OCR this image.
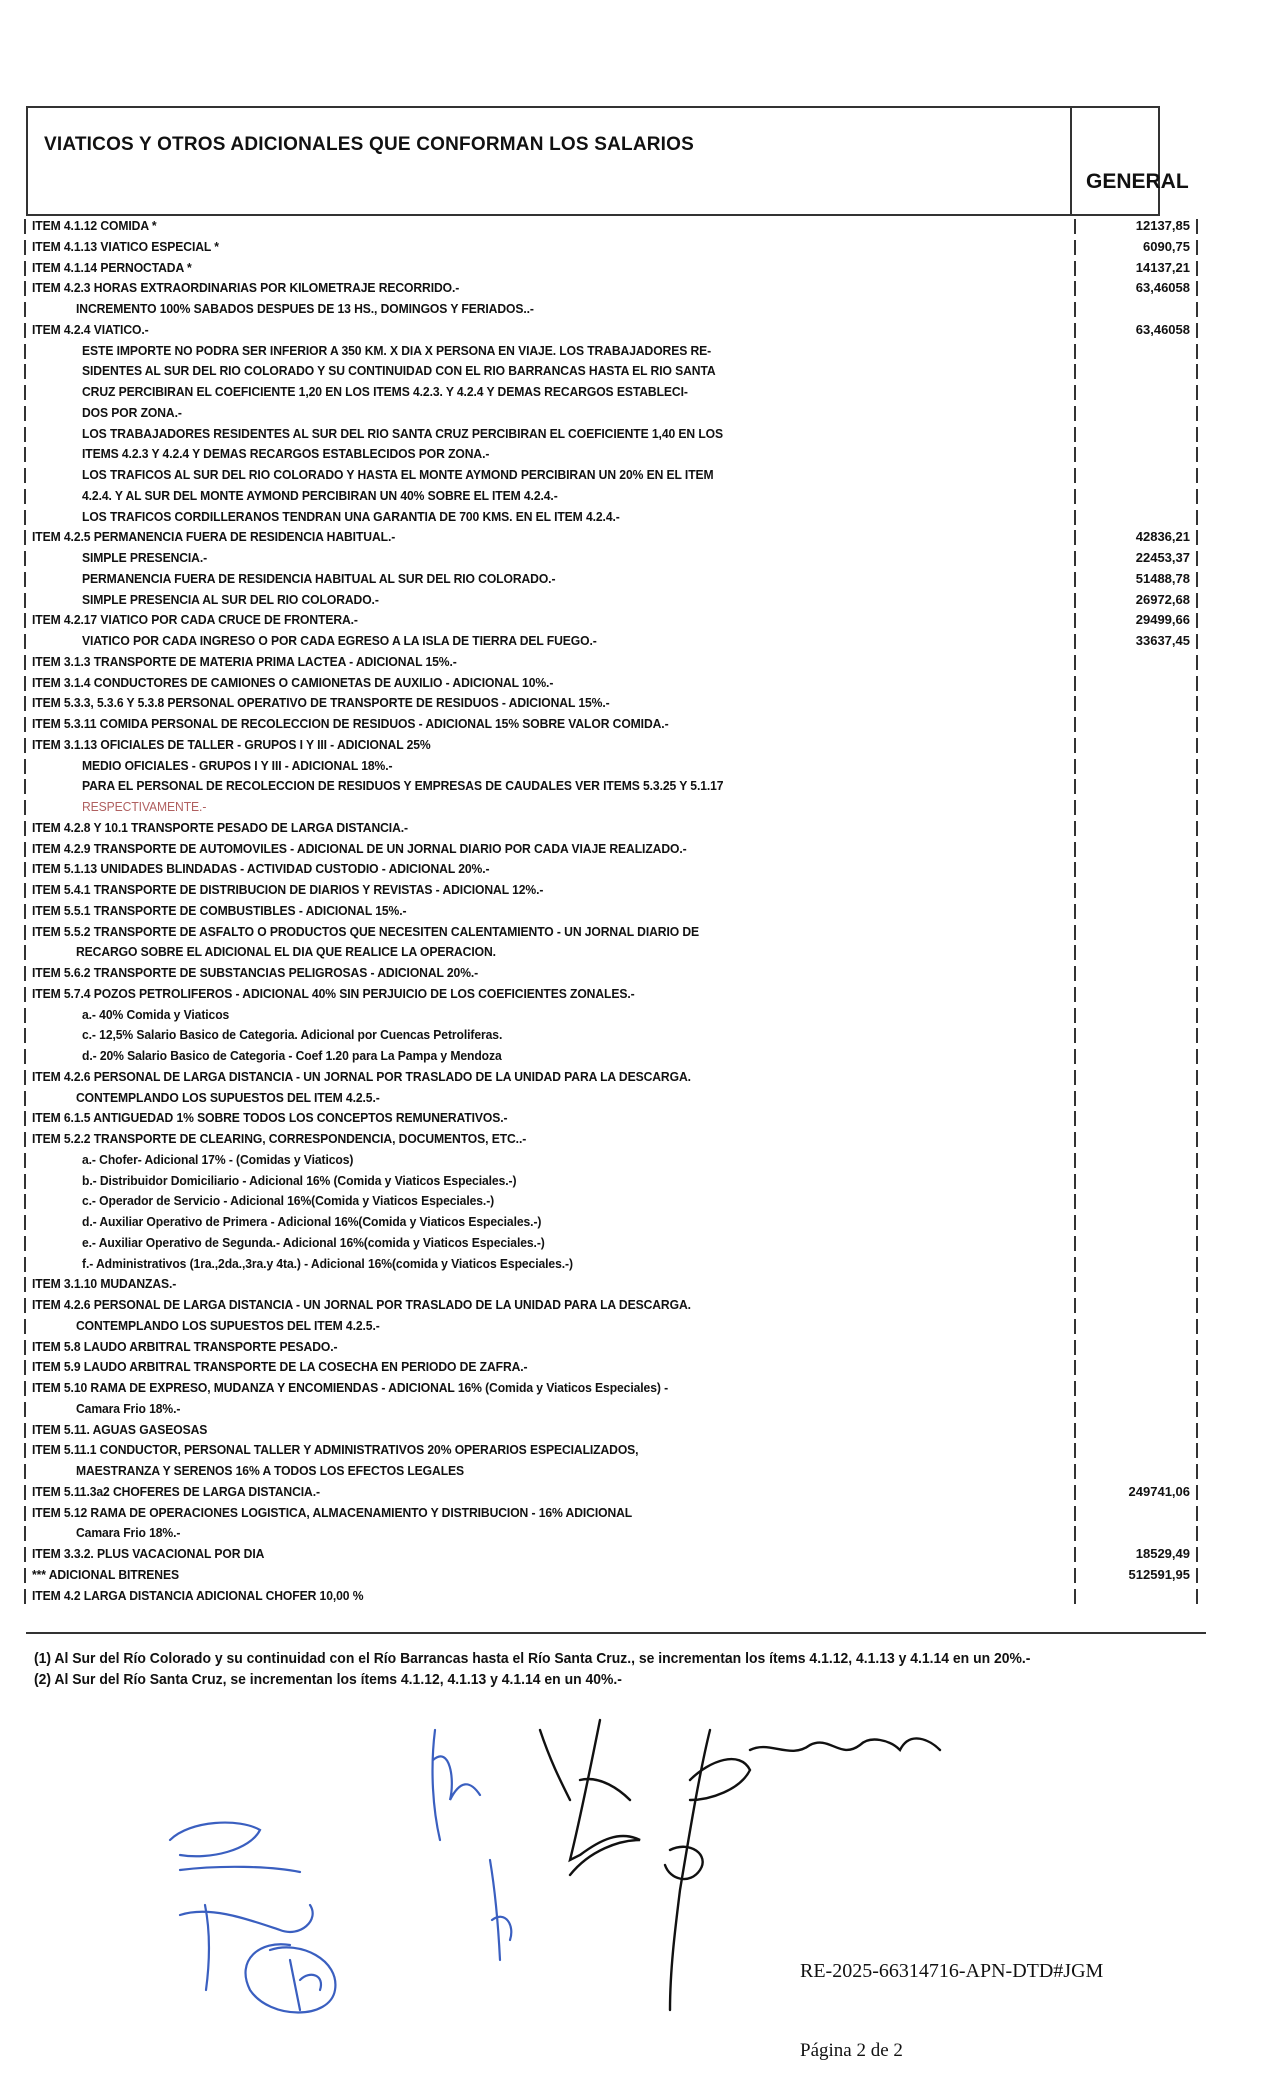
VIATICOS Y OTROS ADICIONALES QUE CONFORMAN LOS SALARIOS
GENERAL
ITEM 4.1.12 COMIDA *	12137,85
ITEM 4.1.13 VIATICO ESPECIAL *	6090,75
ITEM 4.1.14 PERNOCTADA *	14137,21
ITEM 4.2.3 HORAS EXTRAORDINARIAS POR KILOMETRAJE RECORRIDO.-	63,46058
INCREMENTO 100% SABADOS DESPUES DE 13 HS., DOMINGOS Y FERIADOS..-
ITEM 4.2.4 VIATICO.-	63,46058
ESTE IMPORTE NO PODRA SER INFERIOR A 350 KM. X DIA X PERSONA EN VIAJE. LOS TRABAJADORES RE-
SIDENTES AL SUR DEL RIO COLORADO Y SU CONTINUIDAD CON EL RIO BARRANCAS HASTA EL RIO SANTA
CRUZ PERCIBIRAN EL COEFICIENTE 1,20 EN LOS ITEMS 4.2.3. Y 4.2.4 Y DEMAS RECARGOS ESTABLECI-
DOS POR ZONA.-
LOS TRABAJADORES RESIDENTES AL SUR DEL RIO SANTA CRUZ PERCIBIRAN EL COEFICIENTE 1,40 EN LOS
ITEMS 4.2.3 Y 4.2.4 Y DEMAS RECARGOS ESTABLECIDOS POR ZONA.-
LOS TRAFICOS AL SUR DEL RIO COLORADO Y HASTA EL MONTE AYMOND PERCIBIRAN UN 20% EN EL ITEM
4.2.4. Y AL SUR DEL MONTE AYMOND PERCIBIRAN UN 40% SOBRE EL ITEM 4.2.4.-
LOS TRAFICOS CORDILLERANOS TENDRAN UNA GARANTIA DE 700 KMS. EN EL ITEM 4.2.4.-
ITEM 4.2.5 PERMANENCIA FUERA DE RESIDENCIA HABITUAL.-	42836,21
SIMPLE PRESENCIA.-	22453,37
PERMANENCIA FUERA DE RESIDENCIA HABITUAL AL SUR DEL RIO COLORADO.-	51488,78
SIMPLE PRESENCIA AL SUR DEL RIO COLORADO.-	26972,68
ITEM 4.2.17 VIATICO POR CADA CRUCE DE FRONTERA.-	29499,66
VIATICO POR CADA INGRESO O POR CADA EGRESO A LA ISLA DE TIERRA DEL FUEGO.-	33637,45
ITEM 3.1.3 TRANSPORTE DE MATERIA PRIMA LACTEA - ADICIONAL 15%.-
ITEM 3.1.4 CONDUCTORES DE CAMIONES O CAMIONETAS DE AUXILIO - ADICIONAL 10%.-
ITEM 5.3.3, 5.3.6 Y 5.3.8 PERSONAL OPERATIVO DE TRANSPORTE DE RESIDUOS - ADICIONAL 15%.-
ITEM 5.3.11 COMIDA PERSONAL DE RECOLECCION DE RESIDUOS - ADICIONAL 15% SOBRE VALOR COMIDA.-
ITEM 3.1.13 OFICIALES DE TALLER - GRUPOS I Y III - ADICIONAL 25%
MEDIO OFICIALES - GRUPOS I Y III - ADICIONAL 18%.-
PARA EL PERSONAL DE RECOLECCION DE RESIDUOS Y EMPRESAS DE CAUDALES VER ITEMS 5.3.25 Y 5.1.17
RESPECTIVAMENTE.-
ITEM 4.2.8 Y 10.1 TRANSPORTE PESADO DE LARGA DISTANCIA.-
ITEM 4.2.9 TRANSPORTE DE AUTOMOVILES - ADICIONAL DE UN JORNAL DIARIO POR CADA VIAJE REALIZADO.-
ITEM 5.1.13 UNIDADES BLINDADAS - ACTIVIDAD CUSTODIO - ADICIONAL 20%.-
ITEM 5.4.1 TRANSPORTE DE DISTRIBUCION DE DIARIOS Y REVISTAS - ADICIONAL 12%.-
ITEM 5.5.1 TRANSPORTE DE COMBUSTIBLES - ADICIONAL 15%.-
ITEM 5.5.2 TRANSPORTE DE ASFALTO O PRODUCTOS QUE NECESITEN CALENTAMIENTO - UN JORNAL DIARIO DE
RECARGO SOBRE EL ADICIONAL EL DIA QUE REALICE LA OPERACION.
ITEM 5.6.2 TRANSPORTE DE SUBSTANCIAS PELIGROSAS - ADICIONAL 20%.-
ITEM 5.7.4 POZOS PETROLIFEROS - ADICIONAL 40% SIN PERJUICIO DE LOS COEFICIENTES ZONALES.-
a.- 40% Comida y Viaticos
c.- 12,5% Salario Basico de Categoria. Adicional por Cuencas Petroliferas.
d.- 20% Salario Basico de Categoria - Coef 1.20 para La Pampa y Mendoza
ITEM 4.2.6 PERSONAL DE LARGA DISTANCIA - UN JORNAL POR TRASLADO DE LA UNIDAD PARA LA DESCARGA.
CONTEMPLANDO LOS SUPUESTOS DEL ITEM 4.2.5.-
ITEM 6.1.5 ANTIGUEDAD 1% SOBRE TODOS LOS CONCEPTOS REMUNERATIVOS.-
ITEM 5.2.2 TRANSPORTE DE CLEARING, CORRESPONDENCIA, DOCUMENTOS, ETC..-
a.- Chofer- Adicional 17% - (Comidas y Viaticos)
b.- Distribuidor Domiciliario - Adicional 16% (Comida y Viaticos Especiales.-)
c.- Operador de Servicio - Adicional 16%(Comida y Viaticos Especiales.-)
d.- Auxiliar Operativo de Primera - Adicional 16%(Comida y Viaticos Especiales.-)
e.- Auxiliar Operativo de Segunda.- Adicional 16%(comida y Viaticos Especiales.-)
f.- Administrativos (1ra.,2da.,3ra.y 4ta.) - Adicional 16%(comida y Viaticos Especiales.-)
ITEM 3.1.10 MUDANZAS.-
ITEM 4.2.6 PERSONAL DE LARGA DISTANCIA - UN JORNAL POR TRASLADO DE LA UNIDAD PARA LA DESCARGA.
CONTEMPLANDO LOS SUPUESTOS DEL ITEM 4.2.5.-
ITEM 5.8 LAUDO ARBITRAL TRANSPORTE PESADO.-
ITEM 5.9 LAUDO ARBITRAL TRANSPORTE DE LA COSECHA EN PERIODO DE ZAFRA.-
ITEM 5.10 RAMA DE EXPRESO, MUDANZA Y ENCOMIENDAS - ADICIONAL 16% (Comida y Viaticos Especiales) -
Camara Frio 18%.-
ITEM 5.11. AGUAS GASEOSAS
ITEM 5.11.1 CONDUCTOR, PERSONAL TALLER Y ADMINISTRATIVOS 20% OPERARIOS ESPECIALIZADOS,
MAESTRANZA Y SERENOS 16% A TODOS LOS EFECTOS LEGALES
ITEM 5.11.3a2 CHOFERES DE LARGA DISTANCIA.-	249741,06
ITEM 5.12 RAMA DE OPERACIONES LOGISTICA, ALMACENAMIENTO Y DISTRIBUCION - 16% ADICIONAL
Camara Frio 18%.-
ITEM 3.3.2. PLUS VACACIONAL POR DIA	18529,49
*** ADICIONAL BITRENES	512591,95
ITEM 4.2 LARGA DISTANCIA ADICIONAL CHOFER 10,00 %
(1) Al Sur del Río Colorado y su continuidad con el Río Barrancas hasta el Río Santa Cruz., se incrementan los ítems 4.1.12, 4.1.13 y 4.1.14 en un 20%.-
(2) Al Sur del Río Santa Cruz, se incrementan los ítems 4.1.12, 4.1.13 y 4.1.14 en un 40%.-
RE-2025-66314716-APN-DTD#JGM
Página 2 de 2
